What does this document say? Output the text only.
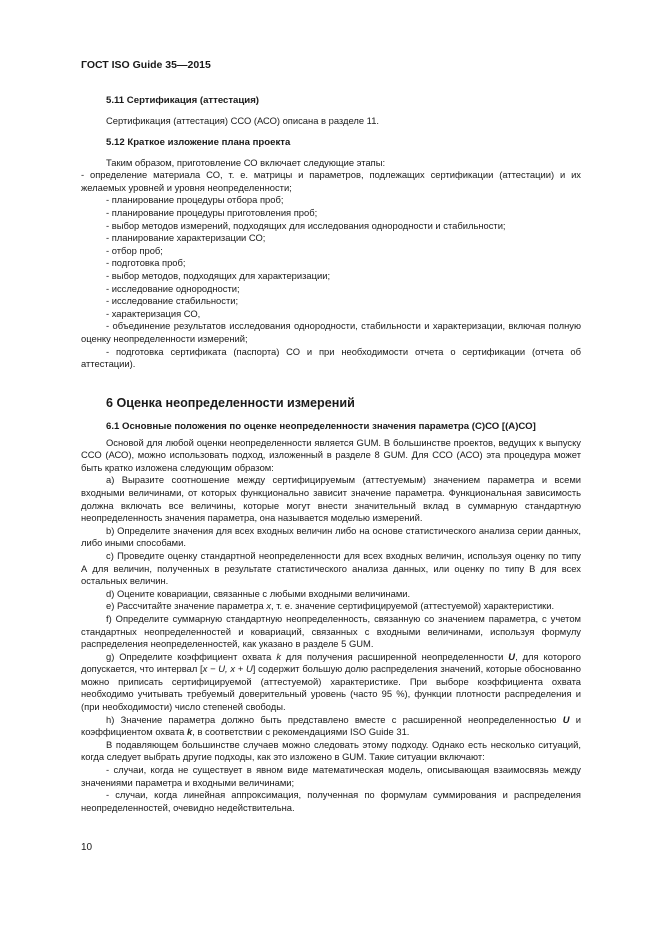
ГОСТ ISO Guide 35—2015
5.11 Сертификация (аттестация)
Сертификация (аттестация) ССО (АСО) описана в разделе 11.
5.12 Краткое изложение плана проекта
Таким образом, приготовление СО включает следующие этапы:
- определение материала СО, т. е. матрицы и параметров, подлежащих сертификации (аттестации) и их желаемых уровней и уровня неопределенности;
- планирование процедуры отбора проб;
- планирование процедуры приготовления проб;
- выбор методов измерений, подходящих для исследования однородности и стабильности;
- планирование характеризации СО;
- отбор проб;
- подготовка проб;
- выбор методов, подходящих для характеризации;
- исследование однородности;
- исследование стабильности;
- характеризация СО,
- объединение результатов исследования однородности, стабильности и характеризации, включая полную оценку неопределенности измерений;
- подготовка сертификата (паспорта) СО и при необходимости отчета о сертификации (отчета об аттестации).
6 Оценка неопределенности измерений
6.1 Основные положения по оценке неопределенности значения параметра (С)СО [(А)СО]
Основой для любой оценки неопределенности является GUM. В большинстве проектов, ведущих к выпуску ССО (АСО), можно использовать подход, изложенный в разделе 8 GUM. Для ССО (АСО) эта процедура может быть кратко изложена следующим образом:
a) Выразите соотношение между сертифицируемым (аттестуемым) значением параметра и всеми входными величинами, от которых функционально зависит значение параметра. Функциональная зависимость должна включать все величины, которые могут внести значительный вклад в суммарную стандартную неопределенность значения параметра, она называется моделью измерений.
b) Определите значения для всех входных величин либо на основе статистического анализа серии данных, либо иными способами.
c) Проведите оценку стандартной неопределенности для всех входных величин, используя оценку по типу А для величин, полученных в результате статистического анализа данных, или оценку по типу В для всех остальных величин.
d) Оцените ковариации, связанные с любыми входными величинами.
e) Рассчитайте значение параметра x, т. е. значение сертифицируемой (аттестуемой) характеристики.
f) Определите суммарную стандартную неопределенность, связанную со значением параметра, с учетом стандартных неопределенностей и ковариаций, связанных с входными величинами, используя формулу распределения неопределенностей, как указано в разделе 5 GUM.
g) Определите коэффициент охвата k для получения расширенной неопределенности U, для которого допускается, что интервал [x − U, x + U] содержит большую долю распределения значений, которые обоснованно можно приписать сертифицируемой (аттестуемой) характеристике. При выборе коэффициента охвата необходимо учитывать требуемый доверительный уровень (часто 95 %), функции плотности распределения и (при необходимости) число степеней свободы.
h) Значение параметра должно быть представлено вместе с расширенной неопределенностью U и коэффициентом охвата k, в соответствии с рекомендациями ISO Guide 31.
В подавляющем большинстве случаев можно следовать этому подходу. Однако есть несколько ситуаций, когда следует выбрать другие подходы, как это изложено в GUM. Такие ситуации включают:
- случаи, когда не существует в явном виде математическая модель, описывающая взаимосвязь между значениями параметра и входными величинами;
- случаи, когда линейная аппроксимация, полученная по формулам суммирования и распределения неопределенностей, очевидно недействительна.
10
